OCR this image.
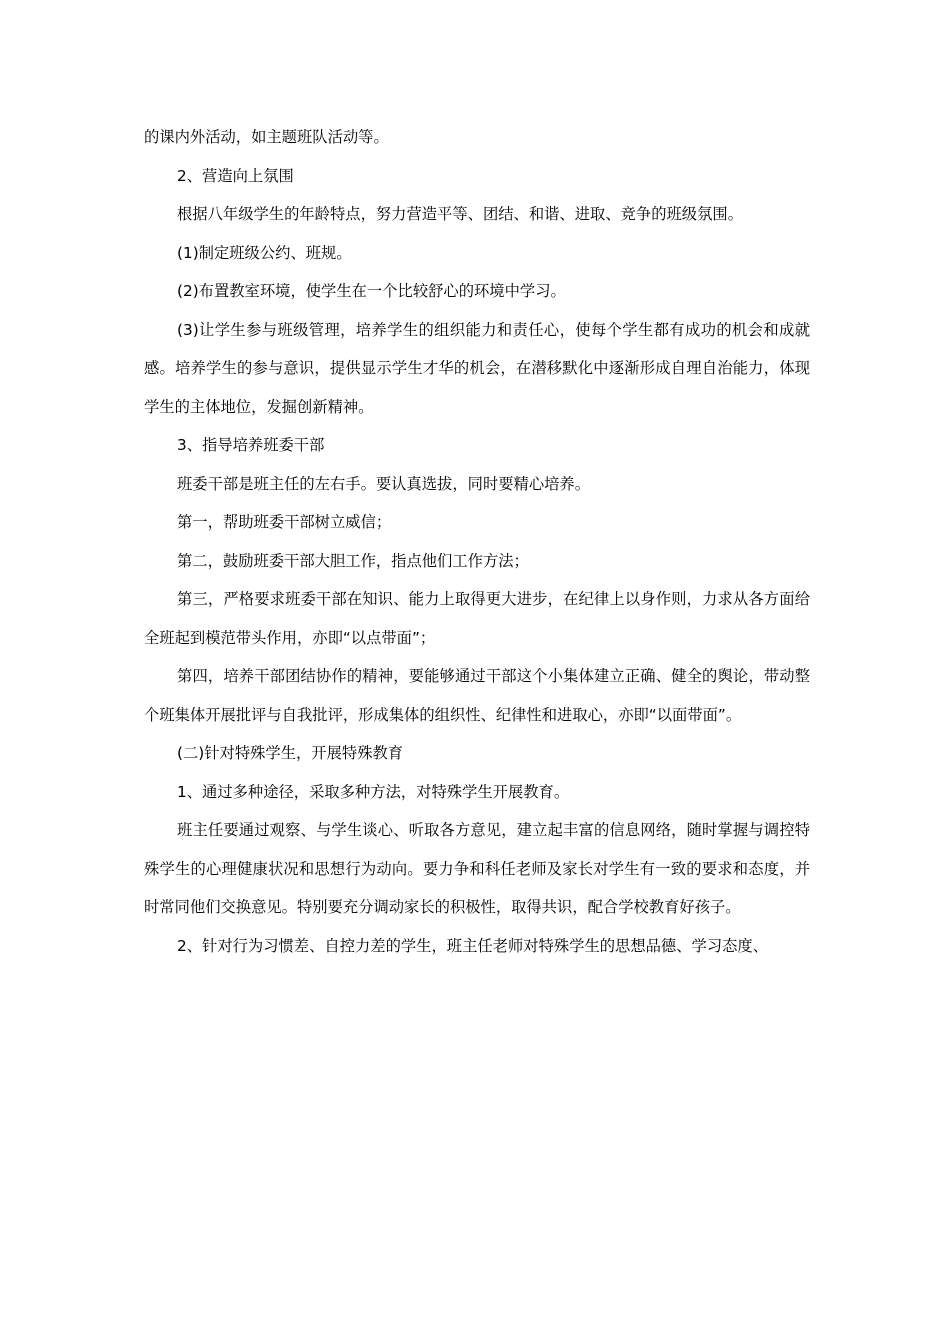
的课内外活动，如主题班队活动等。

2、营造向上氛围

根据八年级学生的年龄特点，努力营造平等、团结、和谐、进取、竞争的班级氛围。

(1)制定班级公约、班规。

(2)布置教室环境，使学生在一个比较舒心的环境中学习。

(3)让学生参与班级管理，培养学生的组织能力和责任心，使每个学生都有成功的机会和成就感。培养学生的参与意识，提供显示学生才华的机会，在潜移默化中逐渐形成自理自治能力，体现学生的主体地位，发掘创新精神。

3、指导培养班委干部

班委干部是班主任的左右手。要认真选拔，同时要精心培养。

第一，帮助班委干部树立威信；

第二，鼓励班委干部大胆工作，指点他们工作方法；

第三，严格要求班委干部在知识、能力上取得更大进步，在纪律上以身作则，力求从各方面给全班起到模范带头作用，亦即“以点带面”；

第四，培养干部团结协作的精神，要能够通过干部这个小集体建立正确、健全的舆论，带动整个班集体开展批评与自我批评，形成集体的组织性、纪律性和进取心，亦即“以面带面”。

(二)针对特殊学生，开展特殊教育

1、通过多种途径，采取多种方法，对特殊学生开展教育。

班主任要通过观察、与学生谈心、听取各方意见，建立起丰富的信息网络，随时掌握与调控特殊学生的心理健康状况和思想行为动向。要力争和科任老师及家长对学生有一致的要求和态度，并时常同他们交换意见。特别要充分调动家长的积极性，取得共识，配合学校教育好孩子。

2、针对行为习惯差、自控力差的学生，班主任老师对特殊学生的思想品德、学习态度、
